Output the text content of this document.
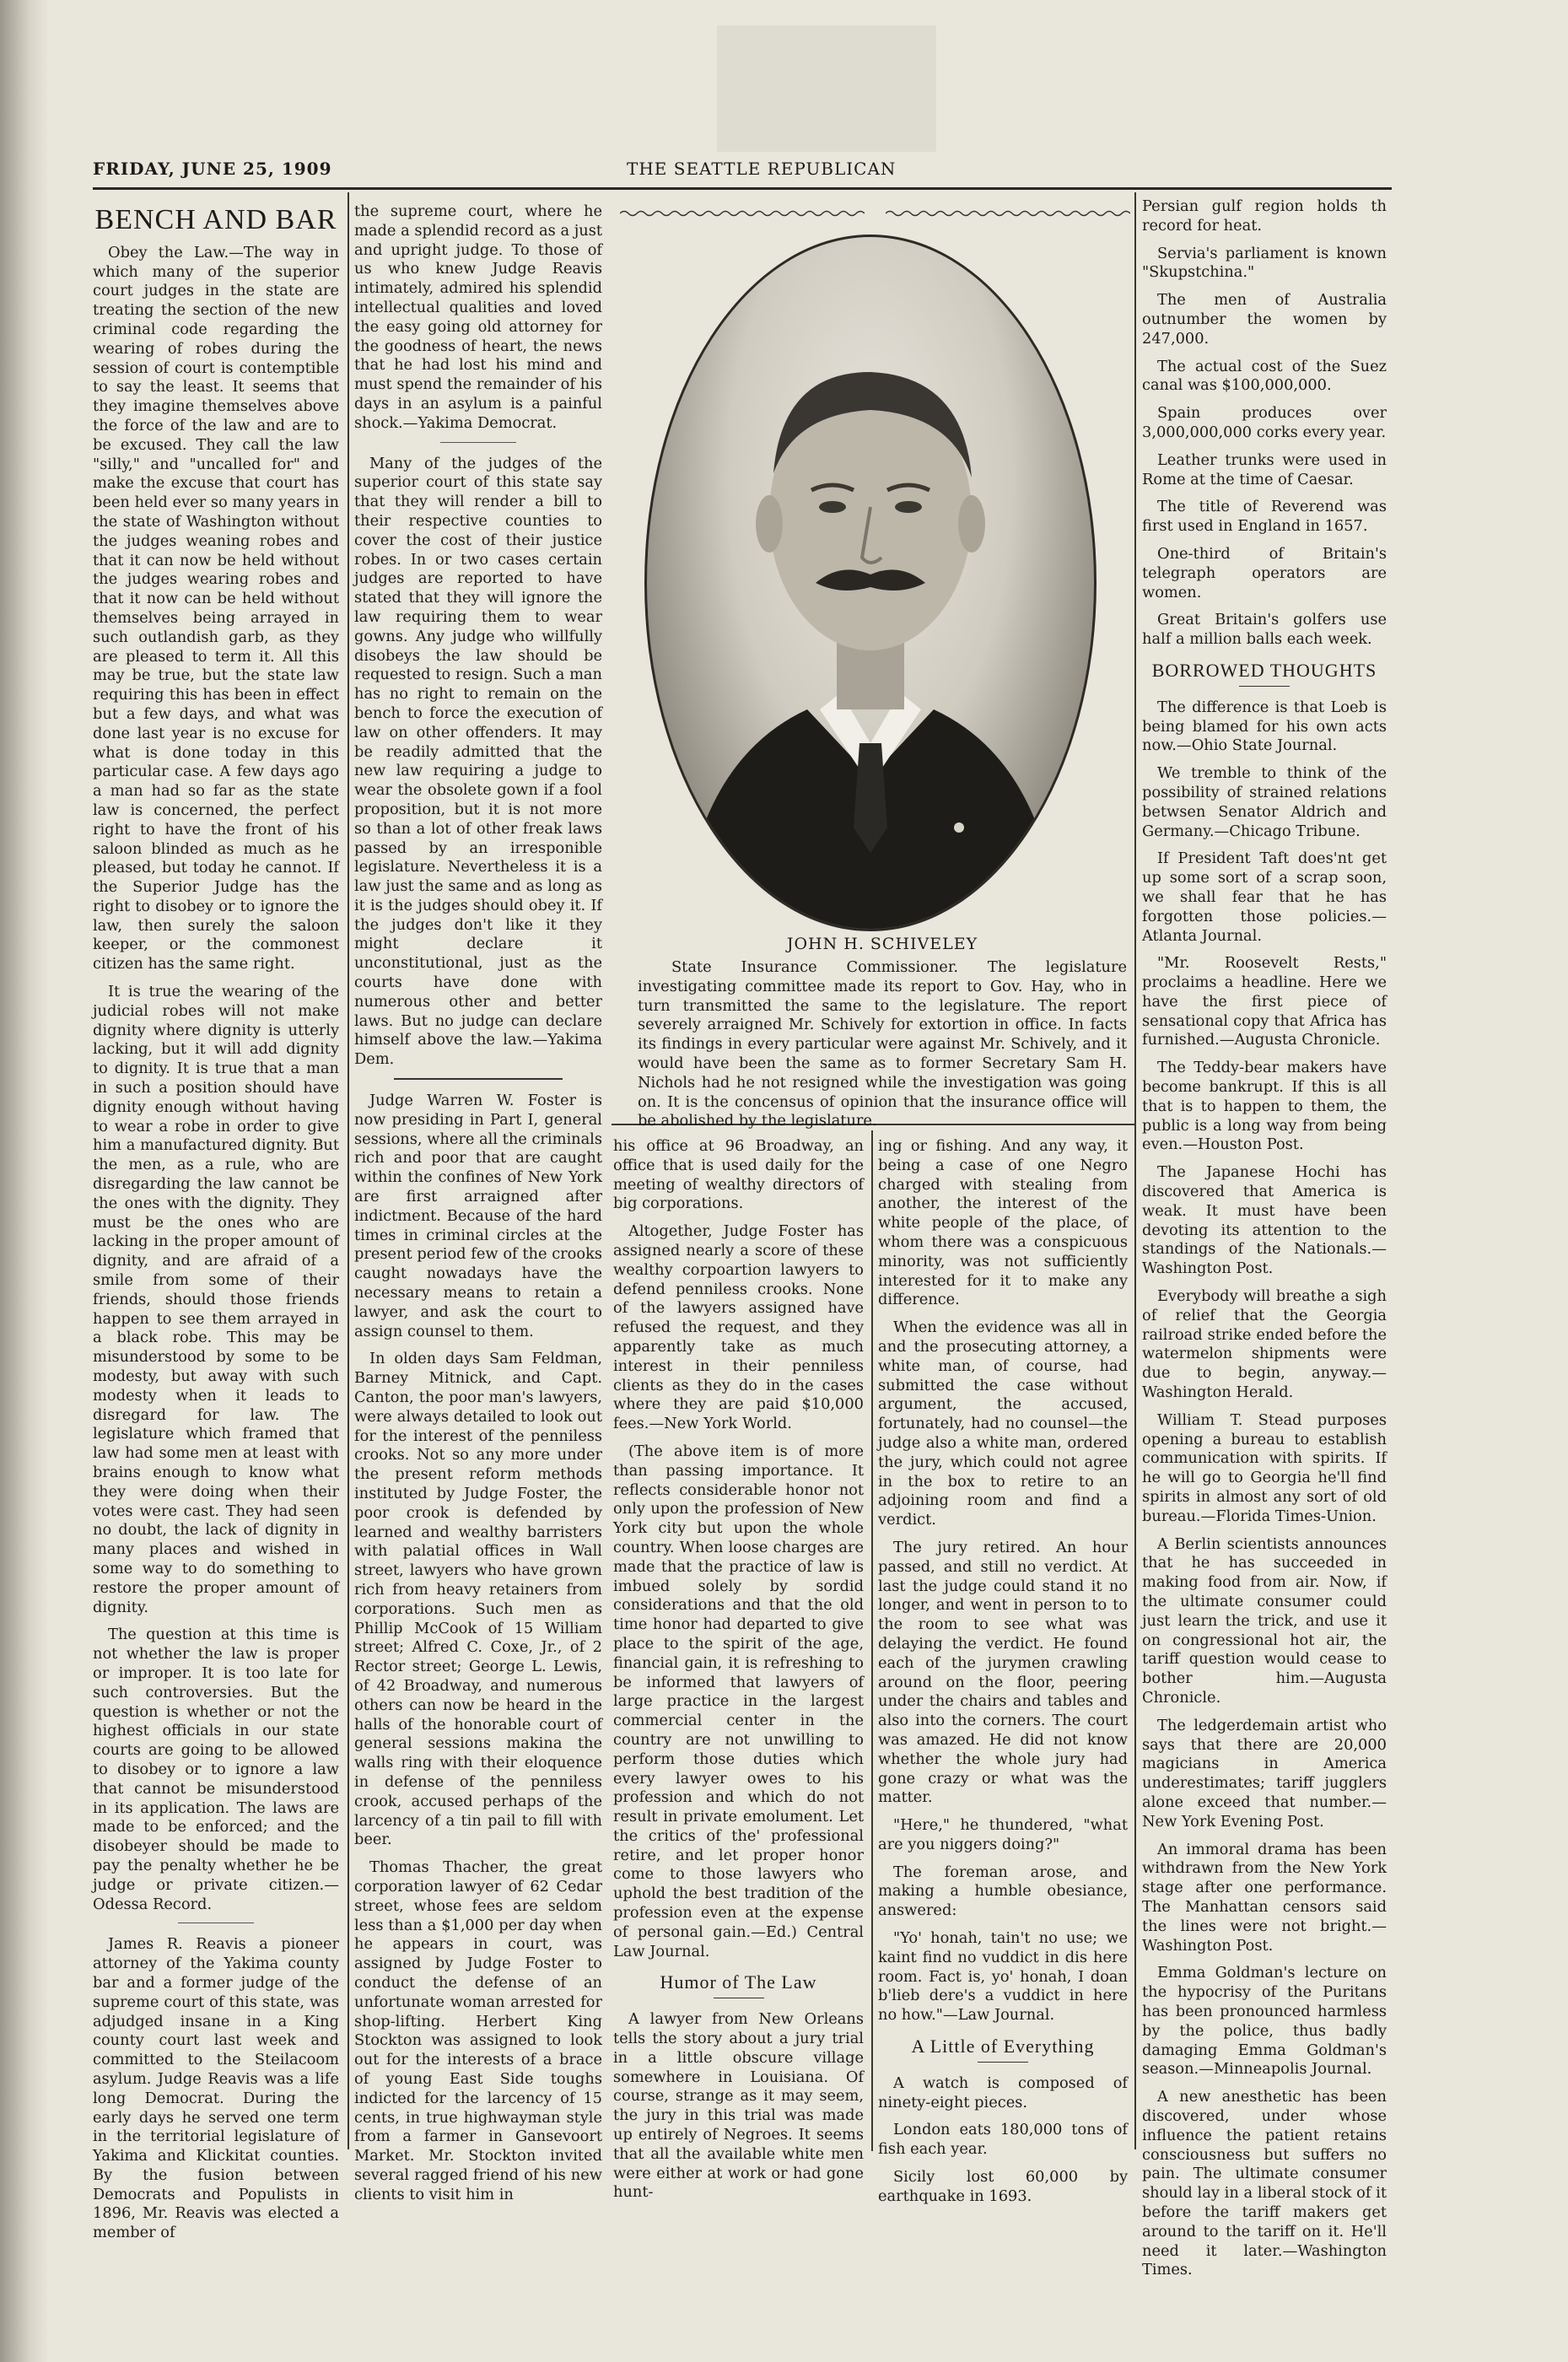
FRIDAY, JUNE 25, 1909	THE SEATTLE REPUBLICAN
BENCH AND BAR

Obey the Law.—The way in which many of the superior court judges in the state are treating the section of the new criminal code regarding the wearing of robes during the session of court is contemptible to say the least. It seems that they imagine themselves above the force of the law and are to be excused. They call the law "silly," and "uncalled for" and make the excuse that court has been held ever so many years in the state of Washington without the judges weaning robes and that it can now be held without the judges wearing robes and that it now can be held without themselves being arrayed in such outlandish garb, as they are pleased to term it. All this may be true, but the state law requiring this has been in effect but a few days, and what was done last year is no excuse for what is done today in this particular case. A few days ago a man had so far as the state law is concerned, the perfect right to have the front of his saloon blinded as much as he pleased, but today he cannot. If the Superior Judge has the right to disobey or to ignore the law, then surely the saloon keeper, or the commonest citizen has the same right.

It is true the wearing of the judicial robes will not make dignity where dignity is utterly lacking, but it will add dignity to dignity. It is true that a man in such a position should have dignity enough without having to wear a robe in order to give him a manufactured dignity. But the men, as a rule, who are disregarding the law cannot be the ones with the dignity. They must be the ones who are lacking in the proper amount of dignity, and are afraid of a smile from some of their friends, should those friends happen to see them arrayed in a black robe. This may be misunderstood by some to be modesty, but away with such modesty when it leads to disregard for law. The legislature which framed that law had some men at least with brains enough to know what they were doing when their votes were cast. They had seen no doubt, the lack of dignity in many places and wished in some way to do something to restore the proper amount of dignity.

The question at this time is not whether the law is proper or improper. It is too late for such controversies. But the question is whether or not the highest officials in our state courts are going to be allowed to disobey or to ignore a law that cannot be misunderstood in its application. The laws are made to be enforced; and the disobeyer should be made to pay the penalty whether he be judge or private citizen.—Odessa Record.

James R. Reavis a pioneer attorney of the Yakima county bar and a former judge of the supreme court of this state, was adjudged insane in a King county court last week and committed to the Steilacoom asylum. Judge Reavis was a life long Democrat. During the early days he served one term in the territorial legislature of Yakima and Klickitat counties. By the fusion between Democrats and Populists in 1896, Mr. Reavis was elected a member of

the supreme court, where he made a splendid record as a just and upright judge. To those of us who knew Judge Reavis intimately, admired his splendid intellectual qualities and loved the easy going old attorney for the goodness of heart, the news that he had lost his mind and must spend the remainder of his days in an asylum is a painful shock.—Yakima Democrat.

Many of the judges of the superior court of this state say that they will render a bill to their respective counties to cover the cost of their justice robes. In or two cases certain judges are reported to have stated that they will ignore the law requiring them to wear gowns. Any judge who willfully disobeys the law should be requested to resign. Such a man has no right to remain on the bench to force the execution of law on other offenders. It may be readily admitted that the new law requiring a judge to wear the obsolete gown if a fool proposition, but it is not more so than a lot of other freak laws passed by an irresponible legislature. Nevertheless it is a law just the same and as long as it is the judges should obey it. If the judges don't like it they might declare it unconstitutional, just as the courts have done with numerous other and better laws. But no judge can declare himself above the law.—Yakima Dem.

Judge Warren W. Foster is now presiding in Part I, general sessions, where all the criminals rich and poor that are caught within the confines of New York are first arraigned after indictment. Because of the hard times in criminal circles at the present period few of the crooks caught nowadays have the necessary means to retain a lawyer, and ask the court to assign counsel to them.

In olden days Sam Feldman, Barney Mitnick, and Capt. Canton, the poor man's lawyers, were always detailed to look out for the interest of the penniless crooks. Not so any more under the present reform methods instituted by Judge Foster, the poor crook is defended by learned and wealthy barristers with palatial offices in Wall street, lawyers who have grown rich from heavy retainers from corporations. Such men as Phillip McCook of 15 William street; Alfred C. Coxe, Jr., of 2 Rector street; George L. Lewis, of 42 Broadway, and numerous others can now be heard in the halls of the honorable court of general sessions makina the walls ring with their eloquence in defense of the penniless crook, accused perhaps of the larcency of a tin pail to fill with beer.

Thomas Thacher, the great corporation lawyer of 62 Cedar street, whose fees are seldom less than a $1,000 per day when he appears in court, was assigned by Judge Foster to conduct the defense of an unfortunate woman arrested for shop-lifting. Herbert King Stockton was assigned to look out for the interests of a brace of young East Side toughs indicted for the larcency of 15 cents, in true highwayman style from a farmer in Gansevoort Market. Mr. Stockton invited several ragged friend of his new clients to visit him in

JOHN H. SCHIVELEY
State Insurance Commissioner. The legislature investigating committee made its report to Gov. Hay, who in turn transmitted the same to the legislature. The report severely arraigned Mr. Schively for extortion in office. In facts its findings in every particular were against Mr. Schively, and it would have been the same as to former Secretary Sam H. Nichols had he not resigned while the investigation was going on. It is the concensus of opinion that the insurance office will be abolished by the legislature.

his office at 96 Broadway, an office that is used daily for the meeting of wealthy directors of big corporations.

Altogether, Judge Foster has assigned nearly a score of these wealthy corpoartion lawyers to defend penniless crooks. None of the lawyers assigned have refused the request, and they apparently take as much interest in their penniless clients as they do in the cases where they are paid $10,000 fees.—New York World.

(The above item is of more than passing importance. It reflects considerable honor not only upon the profession of New York city but upon the whole country. When loose charges are made that the practice of law is imbued solely by sordid considerations and that the old time honor had departed to give place to the spirit of the age, financial gain, it is refreshing to be informed that lawyers of large practice in the largest commercial center in the country are not unwilling to perform those duties which every lawyer owes to his profession and which do not result in private emolument. Let the critics of the' professional retire, and let proper honor come to those lawyers who uphold the best tradition of the profession even at the expense of personal gain.—Ed.) Central Law Journal.

Humor of The Law

A lawyer from New Orleans tells the story about a jury trial in a little obscure village somewhere in Louisiana. Of course, strange as it may seem, the jury in this trial was made up entirely of Negroes. It seems that all the available white men were either at work or had gone hunt-

ing or fishing. And any way, it being a case of one Negro charged with stealing from another, the interest of the white people of the place, of whom there was a conspicuous minority, was not sufficiently interested for it to make any difference.

When the evidence was all in and the prosecuting attorney, a white man, of course, had submitted the case without argument, the accused, fortunately, had no counsel—the judge also a white man, ordered the jury, which could not agree in the box to retire to an adjoining room and find a verdict.

The jury retired. An hour passed, and still no verdict. At last the judge could stand it no longer, and went in person to to the room to see what was delaying the verdict. He found each of the jurymen crawling around on the floor, peering under the chairs and tables and also into the corners. The court was amazed. He did not know whether the whole jury had gone crazy or what was the matter.

"Here," he thundered, "what are you niggers doing?"

The foreman arose, and making a humble obesiance, answered:

"Yo' honah, tain't no use; we kaint find no vuddict in dis here room. Fact is, yo' honah, I doan b'lieb dere's a vuddict in here no how."—Law Journal.

A Little of Everything

A watch is composed of ninety-eight pieces.

London eats 180,000 tons of fish each year.

Sicily lost 60,000 by earthquake in 1693.

Persian gulf region holds th record for heat.

Servia's parliament is known "Skupstchina."

The men of Australia outnumber the women by 247,000.

The actual cost of the Suez canal was $100,000,000.

Spain produces over 3,000,000,000 corks every year.

Leather trunks were used in Rome at the time of Caesar.

The title of Reverend was first used in England in 1657.

One-third of Britain's telegraph operators are women.

Great Britain's golfers use half a million balls each week.

BORROWED THOUGHTS

The difference is that Loeb is being blamed for his own acts now.—Ohio State Journal.

We tremble to think of the possibility of strained relations betwsen Senator Aldrich and Germany.—Chicago Tribune.

If President Taft does'nt get up some sort of a scrap soon, we shall fear that he has forgotten those policies.—Atlanta Journal.

"Mr. Roosevelt Rests," proclaims a headline. Here we have the first piece of sensational copy that Africa has furnished.—Augusta Chronicle.

The Teddy-bear makers have become bankrupt. If this is all that is to happen to them, the public is a long way from being even.—Houston Post.

The Japanese Hochi has discovered that America is weak. It must have been devoting its attention to the standings of the Nationals.—Washington Post.

Everybody will breathe a sigh of relief that the Georgia railroad strike ended before the watermelon shipments were due to begin, anyway.—Washington Herald.

William T. Stead purposes opening a bureau to establish communication with spirits. If he will go to Georgia he'll find spirits in almost any sort of old bureau.—Florida Times-Union.

A Berlin scientists announces that he has succeeded in making food from air. Now, if the ultimate consumer could just learn the trick, and use it on congressional hot air, the tariff question would cease to bother him.—Augusta Chronicle.

The ledgerdemain artist who says that there are 20,000 magicians in America underestimates; tariff jugglers alone exceed that number.—New York Evening Post.

An immoral drama has been withdrawn from the New York stage after one performance. The Manhattan censors said the lines were not bright.—Washington Post.

Emma Goldman's lecture on the hypocrisy of the Puritans has been pronounced harmless by the police, thus badly damaging Emma Goldman's season.—Minneapolis Journal.

A new anesthetic has been discovered, under whose influence the patient retains consciousness but suffers no pain. The ultimate consumer should lay in a liberal stock of it before the tariff makers get around to the tariff on it. He'll need it later.—Washington Times.
